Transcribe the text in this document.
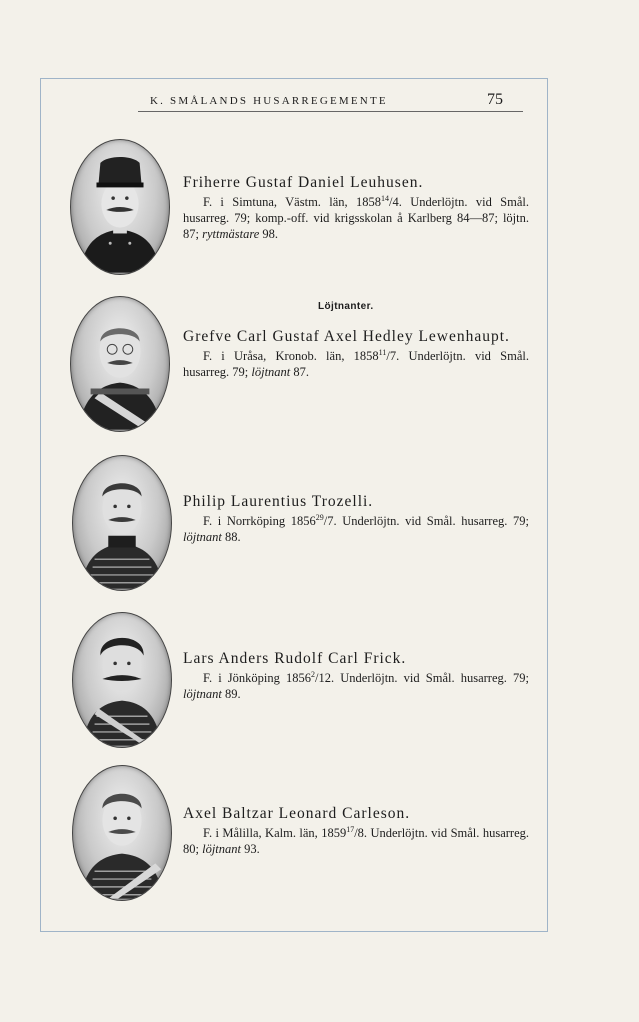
K. SMÅLANDS HUSARREGEMENTE	75
Löjtnanter.

Friherre Gustaf Daniel Leuhusen.

F. i Simtuna, Västm. län, 1858$^{14}$/4. Underlöjtn. vid Smål. husarreg. 79; komp.-off. vid krigsskolan å Karlberg 84—87; löjtn. 87; ryttmästare 98.

Grefve Carl Gustaf Axel Hedley Lewenhaupt.

F. i Uråsa, Kronob. län, 1858$^{11}$/7. Underlöjtn. vid Smål. husarreg. 79; löjtnant 87.

Philip Laurentius Trozelli.

F. i Norrköping 1856$^{29}$/7. Underlöjtn. vid Smål. husarreg. 79; löjtnant 88.

Lars Anders Rudolf Carl Frick.

F. i Jönköping 1856$^2$/12. Underlöjtn. vid Smål. husarreg. 79; löjtnant 89.

Axel Baltzar Leonard Carleson.

F. i Målilla, Kalm. län, 1859$^{17}$/8. Underlöjtn. vid Smål. husarreg. 80; löjtnant 93.
